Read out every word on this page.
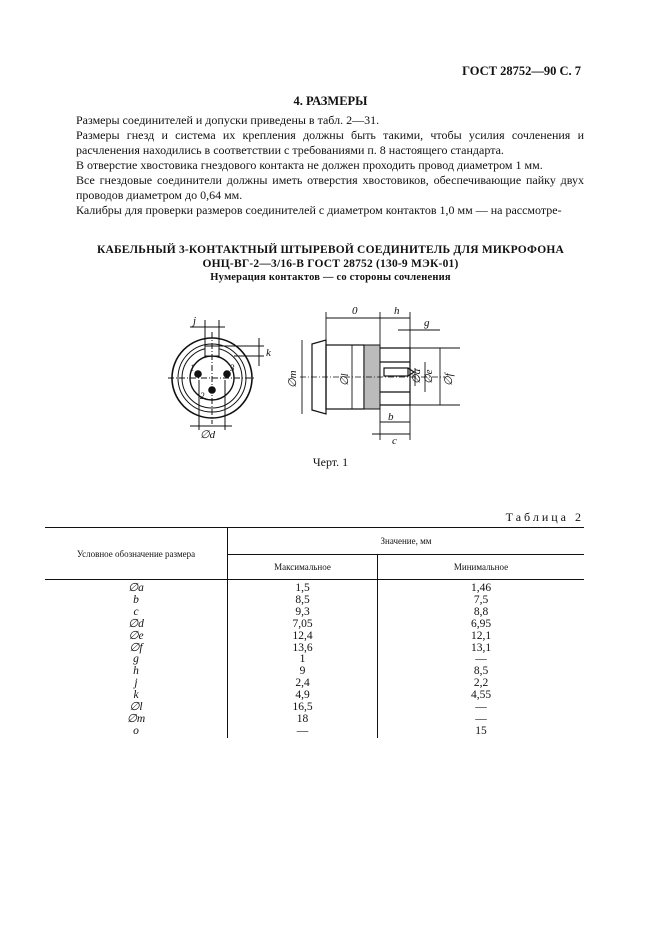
ГОСТ 28752—90 С. 7
4. РАЗМЕРЫ

Размеры соединителей и допуски приведены в табл. 2—31.

Размеры гнезд и система их крепления должны быть такими, чтобы усилия сочленения и расчленения находились в соответствии с требованиями п. 8 настоящего стандарта.

В отверстие хвостовика гнездового контакта не должен проходить провод диаметром 1 мм.

Все гнездовые соединители должны иметь отверстия хвостовиков, обеспечивающие пайку двух проводов диаметром до 0,64 мм.

Калибры для проверки размеров соединителей с диаметром контактов 1,0 мм — на рассмотре-

КАБЕЛЬНЫЙ 3-КОНТАКТНЫЙ ШТЫРЕВОЙ СОЕДИНИТЕЛЬ ДЛЯ МИКРОФОНА
ОНЦ-ВГ-2—3/16-В ГОСТ 28752 (130-9 МЭК-01)
Нумерация контактов — со стороны сочленения
j
k
∅d
1	3
2
0	h
g
∅m	∅l	∅a ∅e ∅f
b
c
Черт. 1
Таблица 2
Условное обозначение размера	Значение, мм	
	Максимальное	Минимальное
∅a	1,5	1,46
b	8,5	7,5
c	9,3	8,8
∅d	7,05	6,95
∅e	12,4	12,1
∅f	13,6	13,1
g	1	—
h	9	8,5
j	2,4	2,2
k	4,9	4,55
∅l	16,5	—
∅m	18	—
o	—	15
